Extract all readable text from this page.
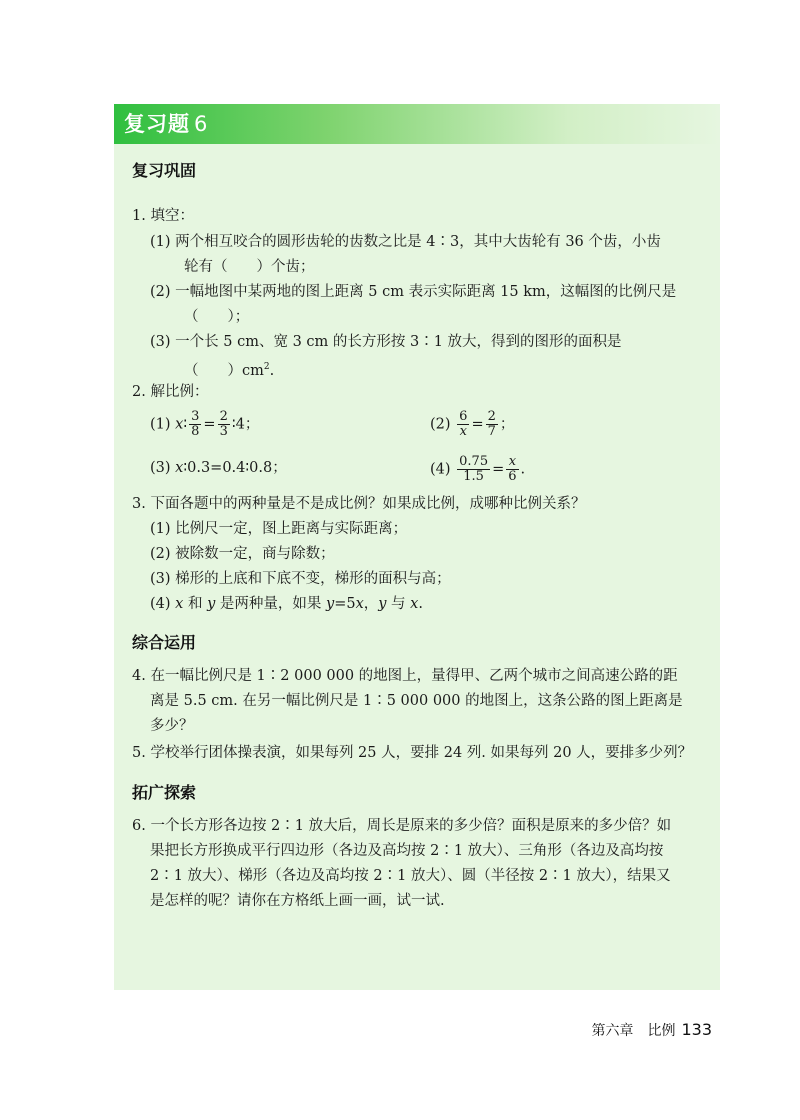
复习题 6
复习巩固
1. 填空：
(1) 两个相互咬合的圆形齿轮的齿数之比是 4∶3，其中大齿轮有 36 个齿，小齿
轮有（　　）个齿；
(2) 一幅地图中某两地的图上距离 5 cm 表示实际距离 15 km，这幅图的比例尺是
（　　）；
(3) 一个长 5 cm、宽 3 cm 的长方形按 3∶1 放大，得到的图形的面积是
（　　）$cm^2$.
2. 解比例：
(1) x∶ $\frac{3}{8} = \frac{2}{3}$ ∶4；	$(2) \frac{6}{x} = \frac{2}{7}$ ；
(3) x∶0.3=0.4∶0.8；	$(4) \frac{0.75}{1.5} = \frac{x}{6}$ .
3. 下面各题中的两种量是不是成比例？如果成比例，成哪种比例关系？
(1) 比例尺一定，图上距离与实际距离；
(2) 被除数一定，商与除数；
(3) 梯形的上底和下底不变，梯形的面积与高；
(4) x 和 y 是两种量，如果 y=5x，y 与 x.
综合运用
4. 在一幅比例尺是 1∶2 000 000 的地图上，量得甲、乙两个城市之间高速公路的距
离是 5.5 cm. 在另一幅比例尺是 1∶5 000 000 的地图上，这条公路的图上距离是
多少？
5. 学校举行团体操表演，如果每列 25 人，要排 24 列. 如果每列 20 人，要排多少列？
拓广探索
6. 一个长方形各边按 2∶1 放大后，周长是原来的多少倍？面积是原来的多少倍？如
果把长方形换成平行四边形（各边及高均按 2∶1 放大）、三角形（各边及高均按
2∶1 放大）、梯形（各边及高均按 2∶1 放大）、圆（半径按 2∶1 放大），结果又
是怎样的呢？请你在方格纸上画一画，试一试.
第六章　比例 133
